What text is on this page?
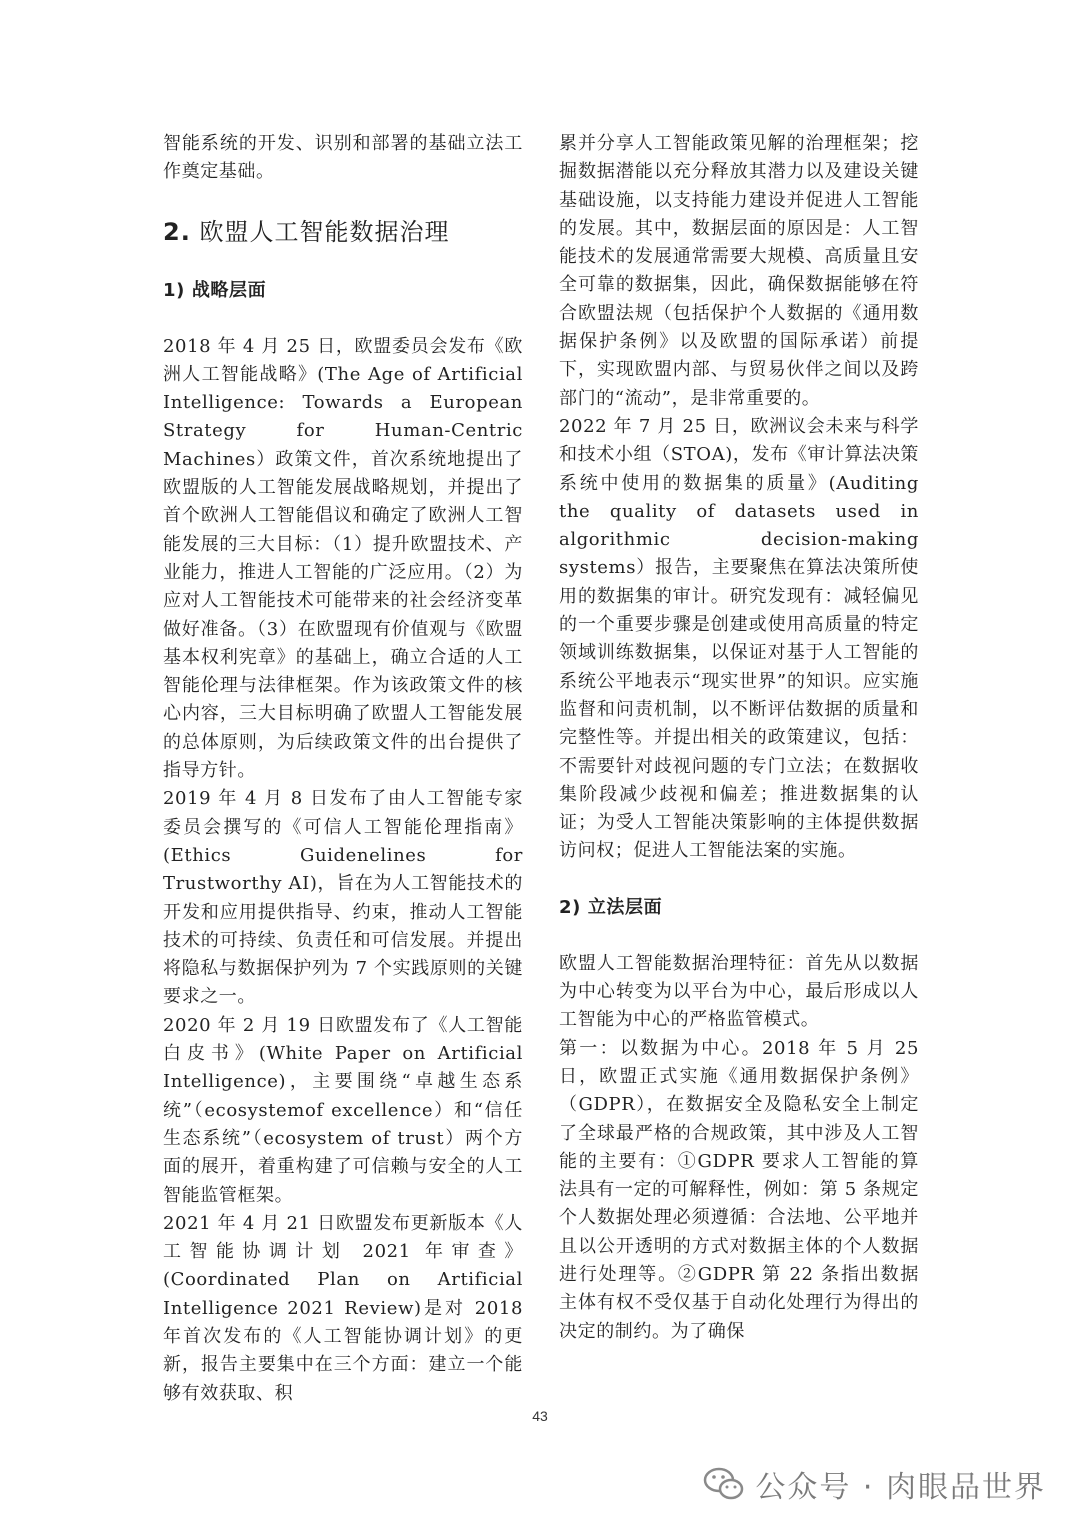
智能系统的开发、识别和部署的基础立法工作奠定基础。

2. 欧盟人工智能数据治理
1) 战略层面

2018 年 4 月 25 日，欧盟委员会发布《欧洲人工智能战略》(The Age of Artificial Intelligence: Towards a European Strategy for Human-Centric Machines）政策文件，首次系统地提出了欧盟版的人工智能发展战略规划，并提出了首个欧洲人工智能倡议和确定了欧洲人工智能发展的三大目标：（1）提升欧盟技术、产业能力，推进人工智能的广泛应用。（2）为应对人工智能技术可能带来的社会经济变革做好准备。（3）在欧盟现有价值观与《欧盟基本权利宪章》的基础上，确立合适的人工智能伦理与法律框架。作为该政策文件的核心内容，三大目标明确了欧盟人工智能发展的总体原则，为后续政策文件的出台提供了指导方针。

2019 年 4 月 8 日发布了由人工智能专家委员会撰写的《可信人工智能伦理指南》(Ethics Guidenelines for Trustworthy AI)，旨在为人工智能技术的开发和应用提供指导、约束，推动人工智能技术的可持续、负责任和可信发展。并提出将隐私与数据保护列为 7 个实践原则的关键要求之一。

2020 年 2 月 19 日欧盟发布了《人工智能白皮书》(White Paper on Artificial Intelligence)，主要围绕“卓越生态系统”（ecosystemof excellence）和“信任生态系统”（ecosystem of trust）两个方面的展开，着重构建了可信赖与安全的人工智能监管框架。

2021 年 4 月 21 日欧盟发布更新版本《人工智能协调计划 2021 年审查》(Coordinated Plan on Artificial Intelligence 2021 Review)是对 2018 年首次发布的《人工智能协调计划》的更新，报告主要集中在三个方面：建立一个能够有效获取、积

累并分享人工智能政策见解的治理框架；挖掘数据潜能以充分释放其潜力以及建设关键基础设施，以支持能力建设并促进人工智能的发展。其中，数据层面的原因是：人工智能技术的发展通常需要大规模、高质量且安全可靠的数据集，因此，确保数据能够在符合欧盟法规（包括保护个人数据的《通用数据保护条例》以及欧盟的国际承诺）前提下，实现欧盟内部、与贸易伙伴之间以及跨部门的“流动”，是非常重要的。

2022 年 7 月 25 日，欧洲议会未来与科学和技术小组（STOA)，发布《审计算法决策系统中使用的数据集的质量》(Auditing the quality of datasets used in algorithmic decision-making systems）报告，主要聚焦在算法决策所使用的数据集的审计。研究发现有：减轻偏见的一个重要步骤是创建或使用高质量的特定领域训练数据集，以保证对基于人工智能的系统公平地表示“现实世界”的知识。应实施监督和问责机制，以不断评估数据的质量和完整性等。并提出相关的政策建议，包括： 不需要针对歧视问题的专门立法；在数据收集阶段减少歧视和偏差；推进数据集的认证；为受人工智能决策影响的主体提供数据访问权；促进人工智能法案的实施。

2) 立法层面

欧盟人工智能数据治理特征：首先从以数据为中心转变为以平台为中心，最后形成以人工智能为中心的严格监管模式。

第一：以数据为中心。2018 年 5 月 25 日，欧盟正式实施《通用数据保护条例》（GDPR），在数据安全及隐私安全上制定了全球最严格的合规政策，其中涉及人工智能的主要有：①GDPR 要求人工智能的算法具有一定的可解释性，例如：第 5 条规定个人数据处理必须遵循：合法地、公平地并且以公开透明的方式对数据主体的个人数据进行处理等。②GDPR 第 22 条指出数据主体有权不受仅基于自动化处理行为得出的决定的制约。为了确保

43
公众号 · 肉眼品世界
